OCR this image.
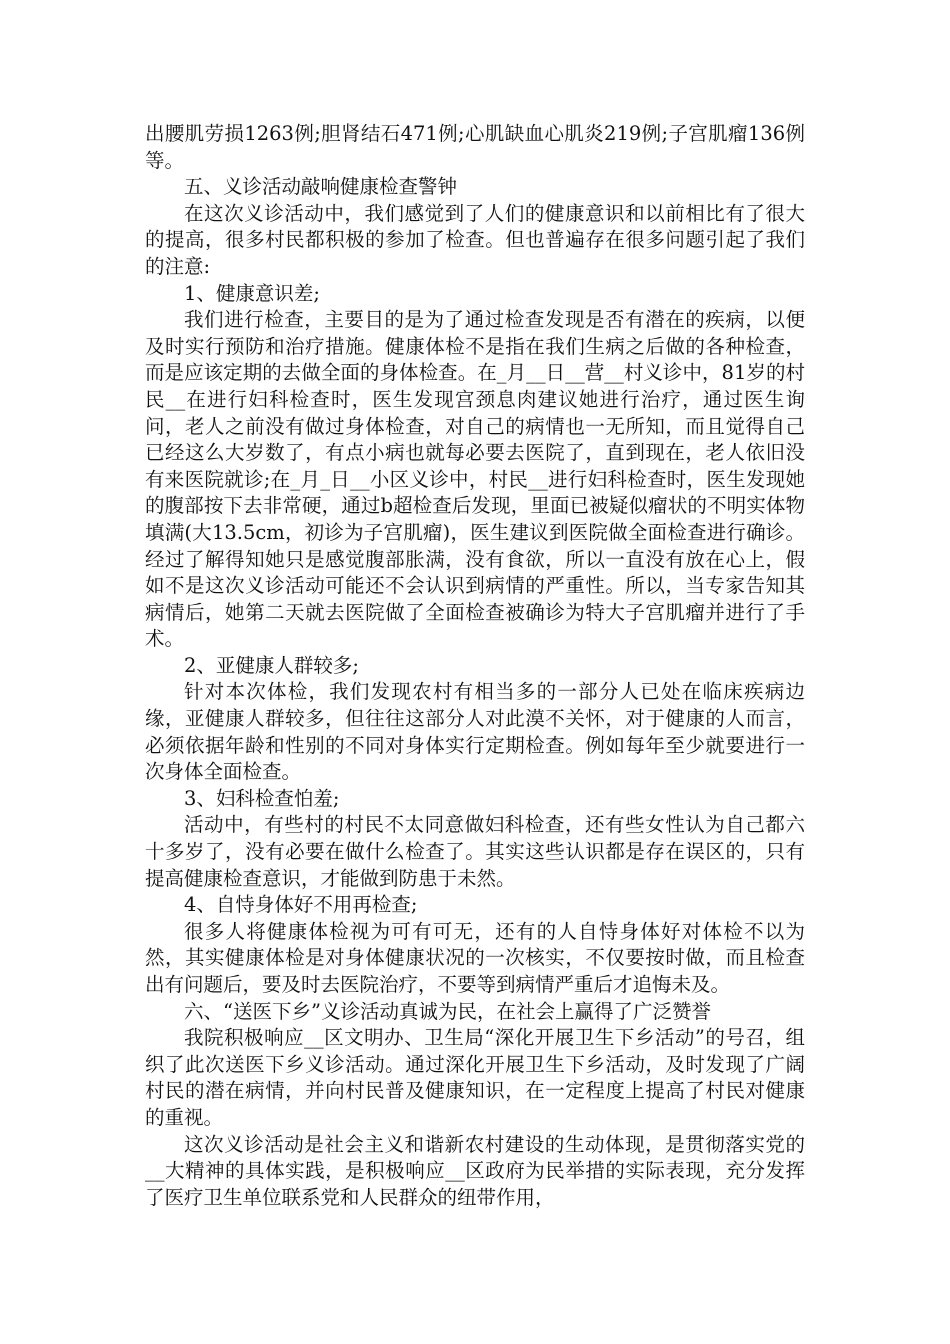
出腰肌劳损1263例;胆肾结石471例;心肌缺血心肌炎219例;子宫肌瘤136例等。

五、义诊活动敲响健康检查警钟

在这次义诊活动中，我们感觉到了人们的健康意识和以前相比有了很大的提高，很多村民都积极的参加了检查。但也普遍存在很多问题引起了我们的注意:

1、健康意识差;

我们进行检查，主要目的是为了通过检查发现是否有潜在的疾病，以便及时实行预防和治疗措施。健康体检不是指在我们生病之后做的各种检查，而是应该定期的去做全面的身体检查。在_月__日__营__村义诊中，81岁的村民__在进行妇科检查时，医生发现宫颈息肉建议她进行治疗，通过医生询问，老人之前没有做过身体检查，对自己的病情也一无所知，而且觉得自己已经这么大岁数了，有点小病也就每必要去医院了，直到现在，老人依旧没有来医院就诊;在_月_日__小区义诊中，村民__进行妇科检查时，医生发现她的腹部按下去非常硬，通过b超检查后发现，里面已被疑似瘤状的不明实体物填满(大13.5cm，初诊为子宫肌瘤)，医生建议到医院做全面检查进行确诊。经过了解得知她只是感觉腹部胀满，没有食欲，所以一直没有放在心上，假如不是这次义诊活动可能还不会认识到病情的严重性。所以，当专家告知其病情后，她第二天就去医院做了全面检查被确诊为特大子宫肌瘤并进行了手术。

2、亚健康人群较多;

针对本次体检，我们发现农村有相当多的一部分人已处在临床疾病边缘，亚健康人群较多，但往往这部分人对此漠不关怀，对于健康的人而言，必须依据年龄和性别的不同对身体实行定期检查。例如每年至少就要进行一次身体全面检查。

3、妇科检查怕羞;

活动中，有些村的村民不太同意做妇科检查，还有些女性认为自己都六十多岁了，没有必要在做什么检查了。其实这些认识都是存在误区的，只有提高健康检查意识，才能做到防患于未然。

4、自恃身体好不用再检查;

很多人将健康体检视为可有可无，还有的人自恃身体好对体检不以为然，其实健康体检是对身体健康状况的一次核实，不仅要按时做，而且检查出有问题后，要及时去医院治疗，不要等到病情严重后才追悔未及。

六、“送医下乡”义诊活动真诚为民，在社会上赢得了广泛赞誉

我院积极响应__区文明办、卫生局“深化开展卫生下乡活动”的号召，组织了此次送医下乡义诊活动。通过深化开展卫生下乡活动，及时发现了广阔村民的潜在病情，并向村民普及健康知识，在一定程度上提高了村民对健康的重视。

这次义诊活动是社会主义和谐新农村建设的生动体现，是贯彻落实党的__大精神的具体实践，是积极响应__区政府为民举措的实际表现，充分发挥了医疗卫生单位联系党和人民群众的纽带作用，
